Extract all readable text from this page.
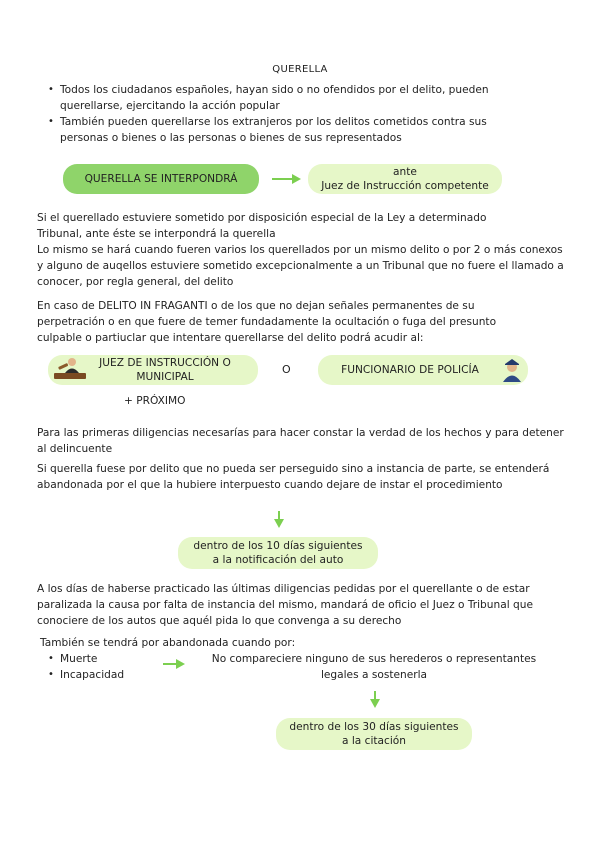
QUERELLA
• Todos los ciudadanos españoles, hayan sido o no ofendidos por el delito, pueden querellarse, ejercitando la acción popular
• También pueden querellarse los extranjeros por los delitos cometidos contra sus personas o bienes o las personas o bienes de sus representados
QUERELLA SE INTERPONDRÁ
ante
Juez de Instrucción competente
Si el querellado estuviere sometido por disposición especial de la Ley a determinado
Tribunal, ante éste se interpondrá la querella
Lo mismo se hará cuando fueren varios los querellados por un mismo delito o por 2 o más conexos y alguno de auqellos estuviere sometido excepcionalmente a un Tribunal que no fuere el llamado a conocer, por regla general, del delito
En caso de DELITO IN FRAGANTI o de los que no dejan señales permanentes de su perpetración o en que fuere de temer fundadamente la ocultación o fuga del presunto culpable o partiuclar que intentare querellarse del delito podrá acudir al:
JUEZ DE INSTRUCCIÓN O
MUNICIPAL
O	FUNCIONARIO DE POLICÍA
+ PRÓXIMO
Para las primeras diligencias necesarías para hacer constar la verdad de los hechos y para detener al delincuente
Si querella fuese por delito que no pueda ser perseguido sino a instancia de parte, se entenderá abandonada por el que la hubiere interpuesto cuando dejare de instar el procedimiento
dentro de los 10 días siguientes
a la notificación del auto
A los días de haberse practicado las últimas diligencias pedidas por el querellante o de estar paralizada la causa por falta de instancia del mismo, mandará de oficio el Juez o Tribunal que conociere de los autos que aquél pida lo que convenga a su derecho
También se tendrá por abandonada cuando por:
• Muerte
• Incapacidad
No compareciere ninguno de sus herederos o representantes
legales a sostenerla
dentro de los 30 días siguientes
a la citación
